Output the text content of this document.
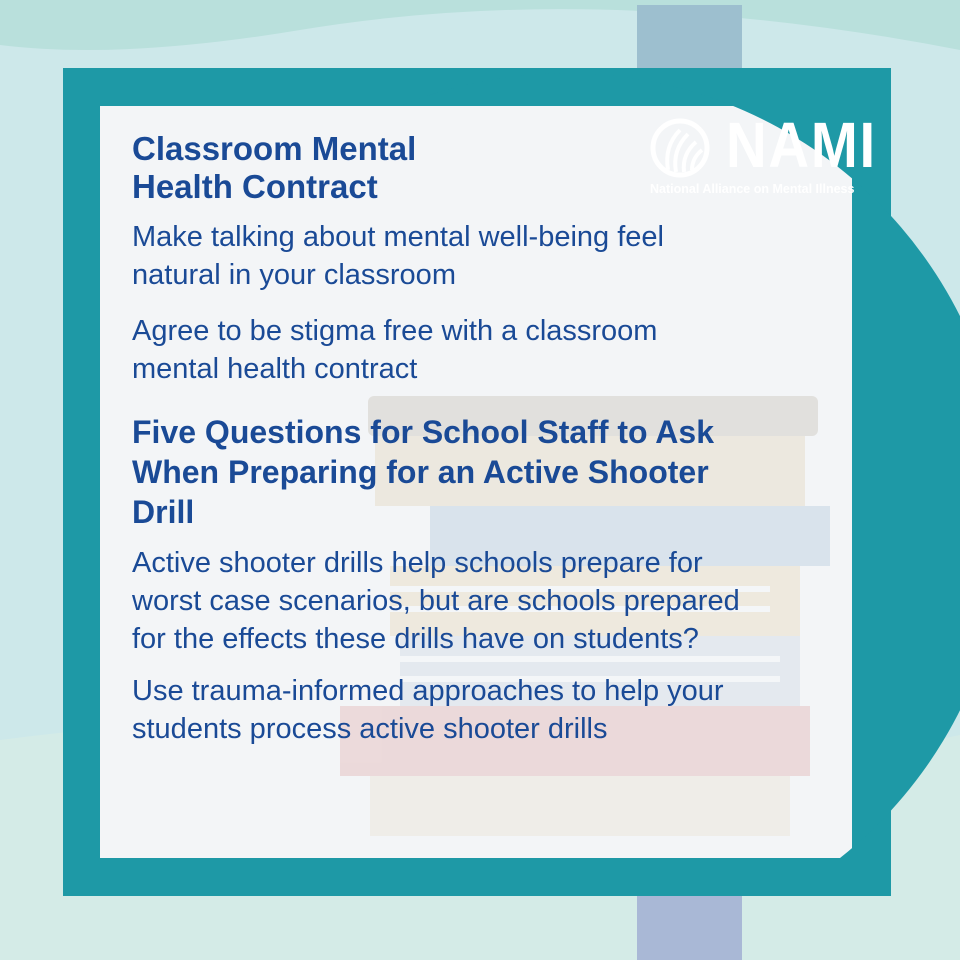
NAMI
National Alliance on Mental Illness
Classroom Mental Health Contract

Make talking about mental well-being feel natural in your classroom

Agree to be stigma free with a classroom mental health contract

Five Questions for School Staff to Ask When Preparing for an Active Shooter Drill

Active shooter drills help schools prepare for worst case scenarios, but are schools prepared for the effects these drills have on students?

Use trauma-informed approaches to help your students process active shooter drills
